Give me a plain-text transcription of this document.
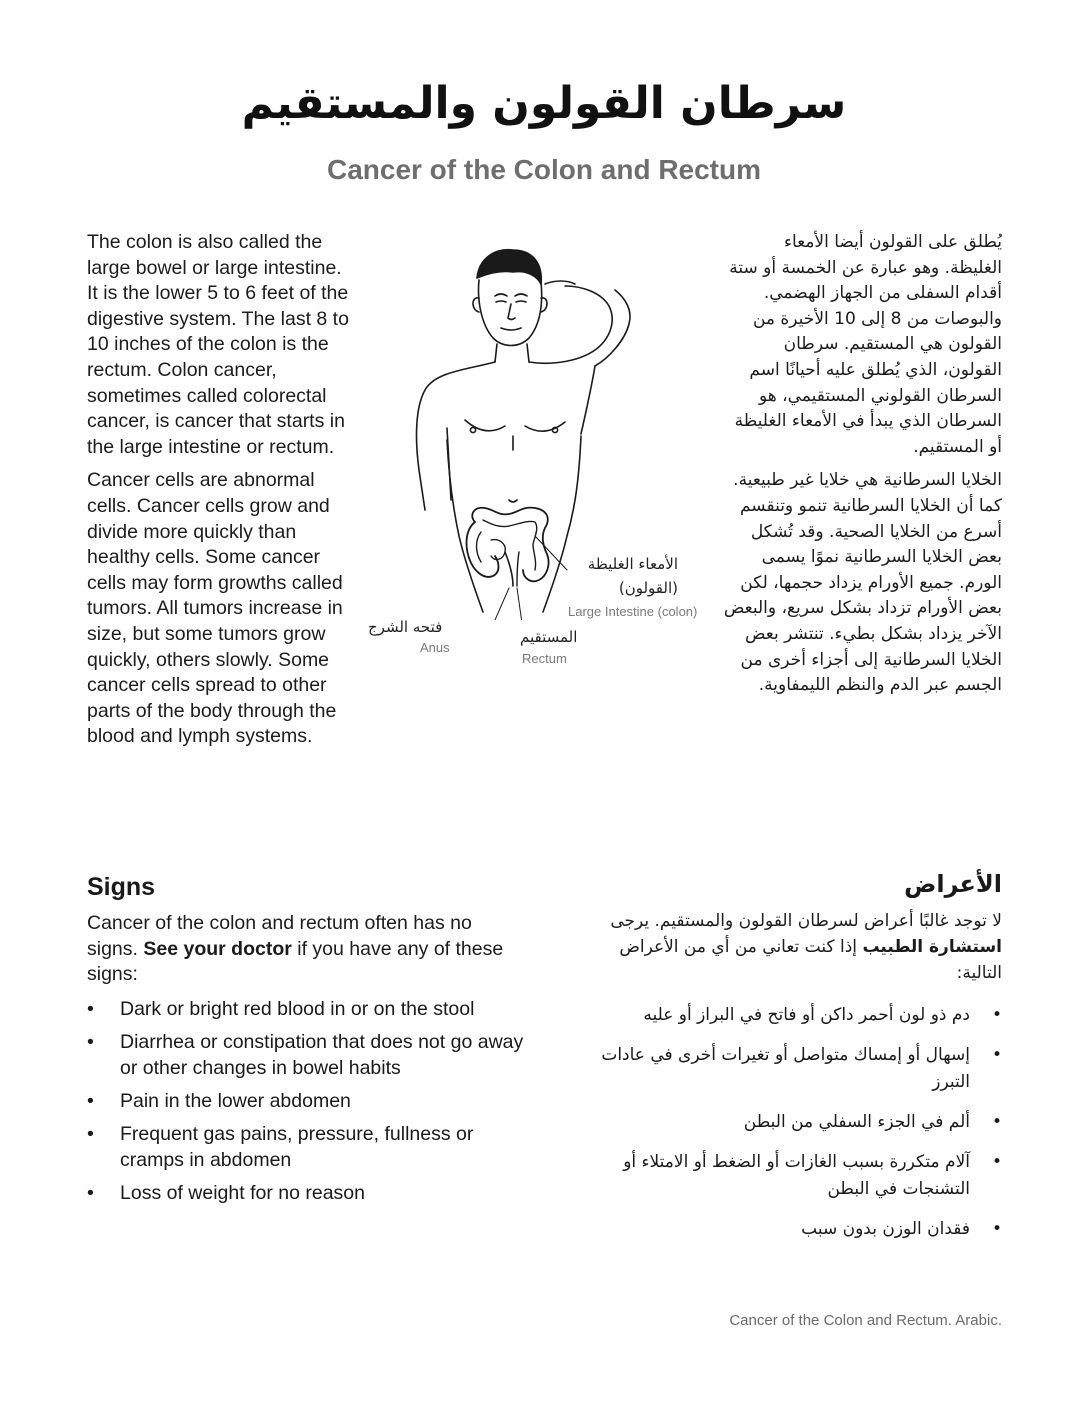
سرطان القولون والمستقيم
Cancer of the Colon and Rectum

The colon is also called the large bowel or large intestine. It is the lower 5 to 6 feet of the digestive system. The last 8 to 10 inches of the colon is the rectum. Colon cancer, sometimes called colorectal cancer, is cancer that starts in the large intestine or rectum.

Cancer cells are abnormal cells. Cancer cells grow and divide more quickly than healthy cells. Some cancer cells may form growths called tumors. All tumors increase in size, but some tumors grow quickly, others slowly. Some cancer cells spread to other parts of the body through the blood and lymph systems.

يُطلق على القولون أيضا الأمعاء الغليظة. وهو عبارة عن الخمسة أو ستة أقدام السفلى من الجهاز الهضمي. والبوصات من 8 إلى 10 الأخيرة من القولون هي المستقيم. سرطان القولون، الذي يُطلق عليه أحيانًا اسم السرطان القولوني المستقيمي، هو السرطان الذي يبدأ في الأمعاء الغليظة أو المستقيم.

الخلايا السرطانية هي خلايا غير طبيعية. كما أن الخلايا السرطانية تنمو وتنقسم أسرع من الخلايا الصحية. وقد تُشكل بعض الخلايا السرطانية نموًا يسمى الورم. جميع الأورام يزداد حجمها، لكن بعض الأورام تزداد بشكل سريع، والبعض الآخر يزداد بشكل بطيء. تنتشر بعض الخلايا السرطانية إلى أجزاء أخرى من الجسم عبر الدم والنظم الليمفاوية.

الأمعاء الغليظة (القولون)
Large Intestine (colon)
فتحه الشرج
Anus
المستقيم
Rectum
Signs
Cancer of the colon and rectum often has no signs. See your doctor if you have any of these signs:
• Dark or bright red blood in or on the stool
• Diarrhea or constipation that does not go away or other changes in bowel habits
• Pain in the lower abdomen
• Frequent gas pains, pressure, fullness or cramps in abdomen
• Loss of weight for no reason
الأعراض
لا توجد غالبًا أعراض لسرطان القولون والمستقيم. يرجى استشارة الطبيب إذا كنت تعاني من أي من الأعراض التالية:
• دم ذو لون أحمر داكن أو فاتح في البراز أو عليه
• إسهال أو إمساك متواصل أو تغيرات أخرى في عادات التبرز
• ألم في الجزء السفلي من البطن
• آلام متكررة بسبب الغازات أو الضغط أو الامتلاء أو التشنجات في البطن
• فقدان الوزن بدون سبب
Cancer of the Colon and Rectum. Arabic.
